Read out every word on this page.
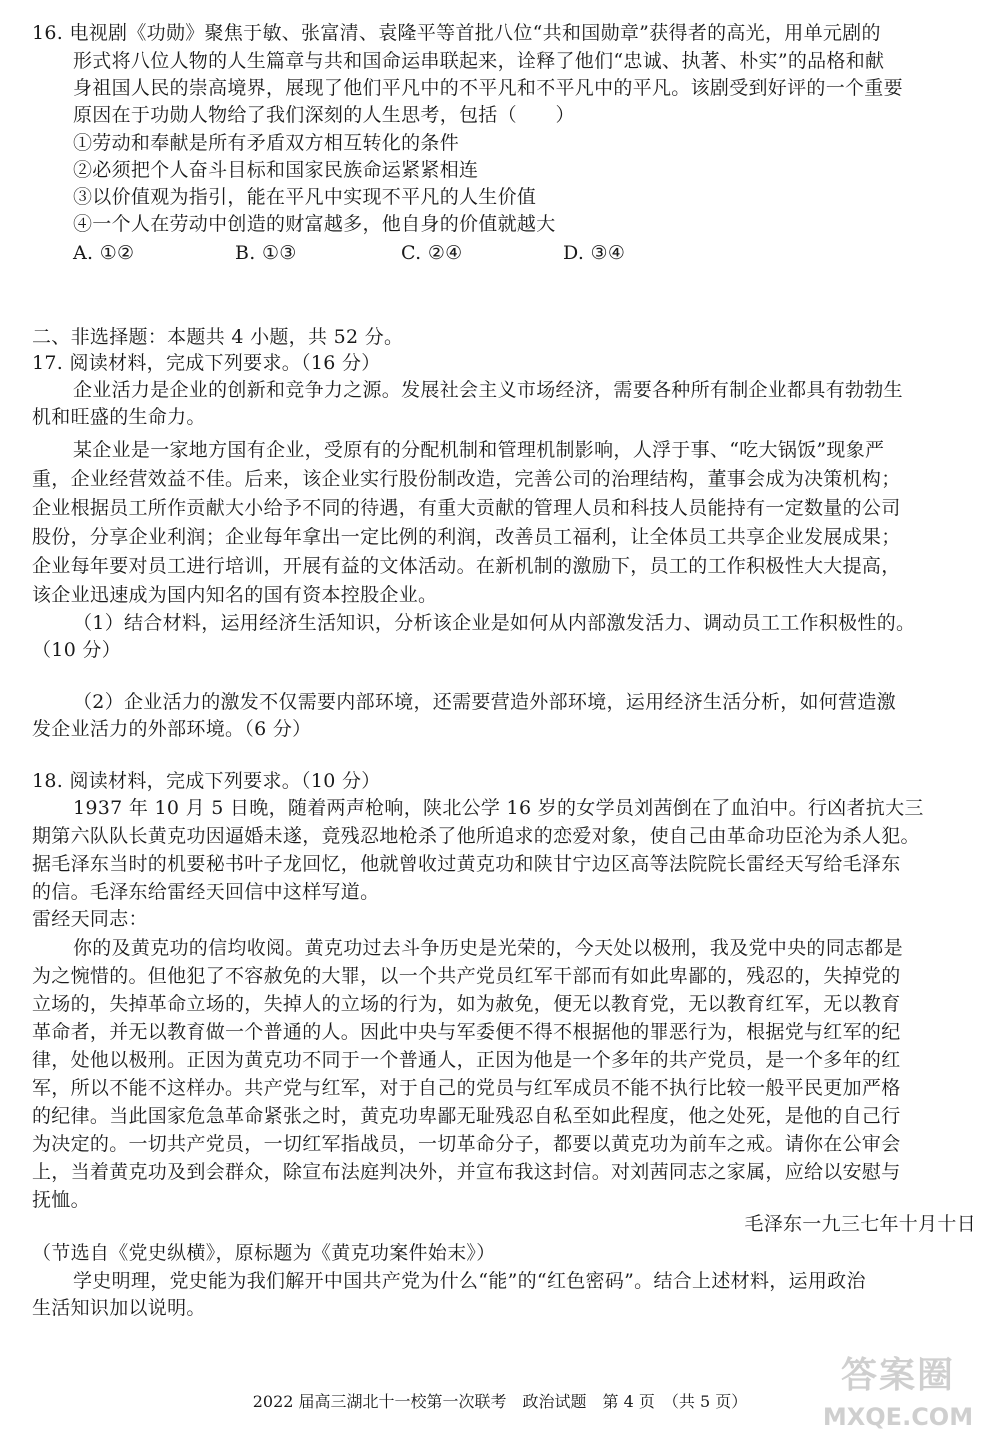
16. 电视剧《功勋》聚焦于敏、张富清、袁隆平等首批八位“共和国勋章”获得者的高光，用单元剧的
形式将八位人物的人生篇章与共和国命运串联起来，诠释了他们“忠诚、执著、朴实”的品格和献
身祖国人民的崇高境界，展现了他们平凡中的不平凡和不平凡中的平凡。该剧受到好评的一个重要
原因在于功勋人物给了我们深刻的人生思考，包括（　　）
①劳动和奉献是所有矛盾双方相互转化的条件
②必须把个人奋斗目标和国家民族命运紧紧相连
③以价值观为指引，能在平凡中实现不平凡的人生价值
④一个人在劳动中创造的财富越多，他自身的价值就越大
A. ①②	B. ①③	C. ②④	D. ③④
二、非选择题：本题共 4 小题，共 52 分。
17. 阅读材料，完成下列要求。（16 分）
企业活力是企业的创新和竞争力之源。发展社会主义市场经济，需要各种所有制企业都具有勃勃生
机和旺盛的生命力。
某企业是一家地方国有企业，受原有的分配机制和管理机制影响，人浮于事、“吃大锅饭”现象严
重，企业经营效益不佳。后来，该企业实行股份制改造，完善公司的治理结构，董事会成为决策机构；
企业根据员工所作贡献大小给予不同的待遇，有重大贡献的管理人员和科技人员能持有一定数量的公司
股份，分享企业利润；企业每年拿出一定比例的利润，改善员工福利，让全体员工共享企业发展成果；
企业每年要对员工进行培训，开展有益的文体活动。在新机制的激励下，员工的工作积极性大大提高，
该企业迅速成为国内知名的国有资本控股企业。
（1）结合材料，运用经济生活知识，分析该企业是如何从内部激发活力、调动员工工作积极性的。
（10 分）
（2）企业活力的激发不仅需要内部环境，还需要营造外部环境，运用经济生活分析，如何营造激
发企业活力的外部环境。（6 分）
18. 阅读材料，完成下列要求。（10 分）
1937 年 10 月 5 日晚，随着两声枪响，陕北公学 16 岁的女学员刘茜倒在了血泊中。行凶者抗大三
期第六队队长黄克功因逼婚未遂，竟残忍地枪杀了他所追求的恋爱对象，使自己由革命功臣沦为杀人犯。
据毛泽东当时的机要秘书叶子龙回忆，他就曾收过黄克功和陕甘宁边区高等法院院长雷经天写给毛泽东
的信。毛泽东给雷经天回信中这样写道。
雷经天同志：
你的及黄克功的信均收阅。黄克功过去斗争历史是光荣的，今天处以极刑，我及党中央的同志都是
为之惋惜的。但他犯了不容赦免的大罪，以一个共产党员红军干部而有如此卑鄙的，残忍的，失掉党的
立场的，失掉革命立场的，失掉人的立场的行为，如为赦免，便无以教育党，无以教育红军，无以教育
革命者，并无以教育做一个普通的人。因此中央与军委便不得不根据他的罪恶行为，根据党与红军的纪
律，处他以极刑。正因为黄克功不同于一个普通人，正因为他是一个多年的共产党员，是一个多年的红
军，所以不能不这样办。共产党与红军，对于自己的党员与红军成员不能不执行比较一般平民更加严格
的纪律。当此国家危急革命紧张之时，黄克功卑鄙无耻残忍自私至如此程度，他之处死，是他的自己行
为决定的。一切共产党员，一切红军指战员，一切革命分子，都要以黄克功为前车之戒。请你在公审会
上，当着黄克功及到会群众，除宣布法庭判决外，并宣布我这封信。对刘茜同志之家属，应给以安慰与
抚恤。
毛泽东一九三七年十月十日
（节选自《党史纵横》，原标题为《黄克功案件始末》）
学史明理，党史能为我们解开中国共产党为什么“能”的“红色密码”。结合上述材料，运用政治
生活知识加以说明。
2022 届高三湖北十一校第一次联考　政治试题　第 4 页　（共 5 页）
答案圈
MXQE.COM
